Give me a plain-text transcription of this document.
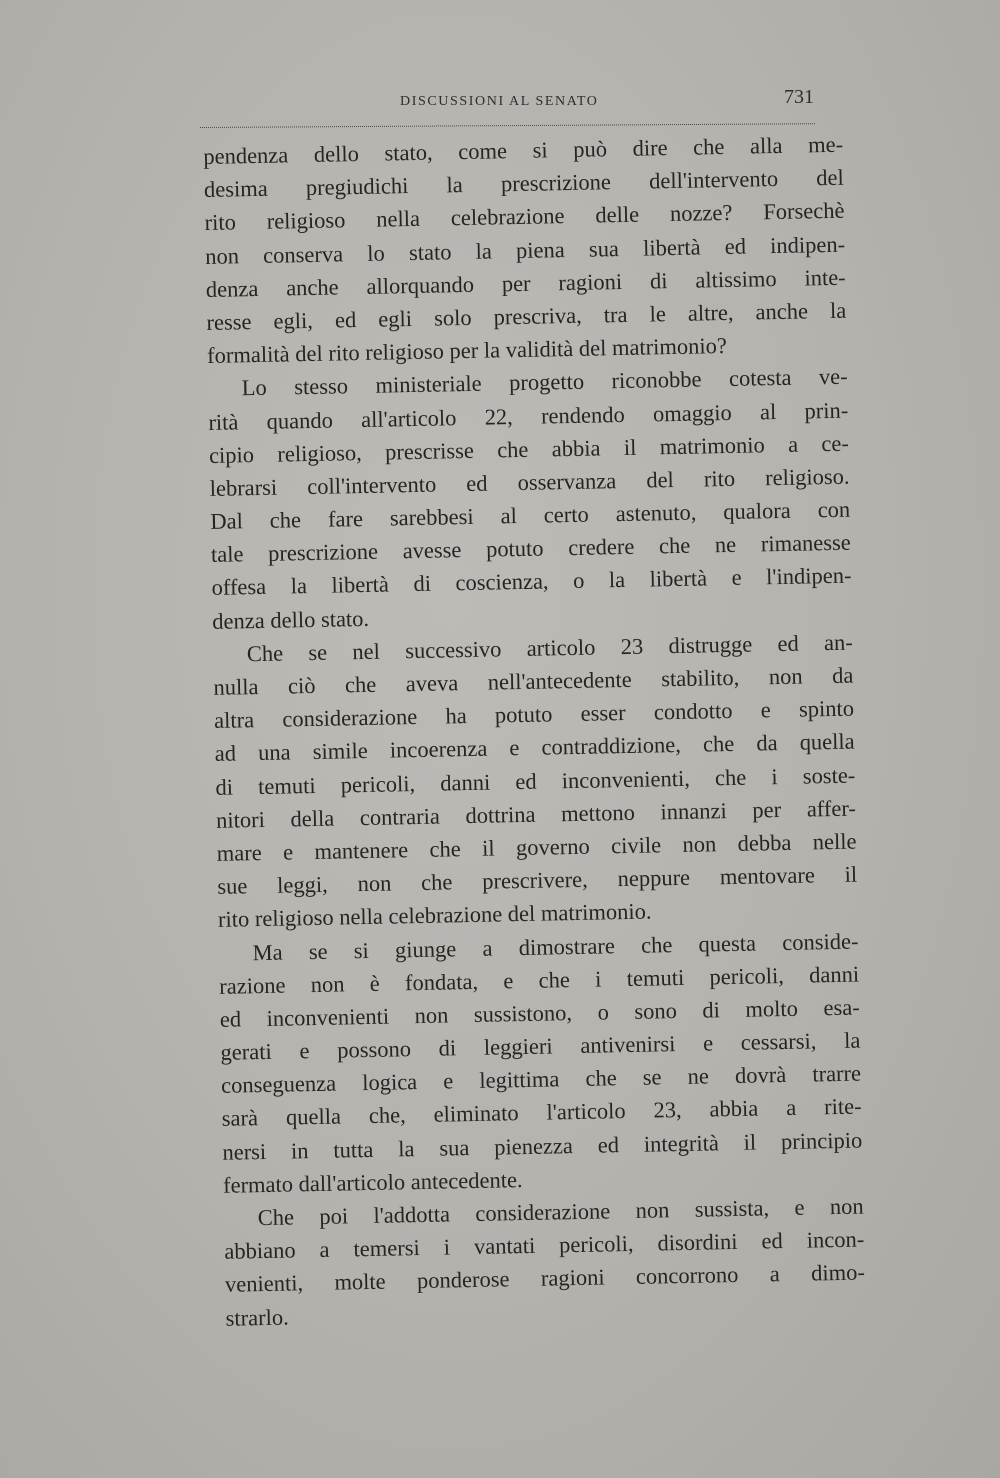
DISCUSSIONI AL SENATO	731
pendenza dello stato, come si può dire che alla me-
desima pregiudichi la prescrizione dell'intervento del
rito religioso nella celebrazione delle nozze? Forsechè
non conserva lo stato la piena sua libertà ed indipen-
denza anche allorquando per ragioni di altissimo inte-
resse egli, ed egli solo prescriva, tra le altre, anche la
formalità del rito religioso per la validità del matrimonio?
Lo stesso ministeriale progetto riconobbe cotesta ve-
rità quando all'articolo 22, rendendo omaggio al prin-
cipio religioso, prescrisse che abbia il matrimonio a ce-
lebrarsi coll'intervento ed osservanza del rito religioso.
Dal che fare sarebbesi al certo astenuto, qualora con
tale prescrizione avesse potuto credere che ne rimanesse
offesa la libertà di coscienza, o la libertà e l'indipen-
denza dello stato.
Che se nel successivo articolo 23 distrugge ed an-
nulla ciò che aveva nell'antecedente stabilito, non da
altra considerazione ha potuto esser condotto e spinto
ad una simile incoerenza e contraddizione, che da quella
di temuti pericoli, danni ed inconvenienti, che i soste-
nitori della contraria dottrina mettono innanzi per affer-
mare e mantenere che il governo civile non debba nelle
sue leggi, non che prescrivere, neppure mentovare il
rito religioso nella celebrazione del matrimonio.
Ma se si giunge a dimostrare che questa conside-
razione non è fondata, e che i temuti pericoli, danni
ed inconvenienti non sussistono, o sono di molto esa-
gerati e possono di leggieri antivenirsi e cessarsi, la
conseguenza logica e legittima che se ne dovrà trarre
sarà quella che, eliminato l'articolo 23, abbia a rite-
nersi in tutta la sua pienezza ed integrità il principio
fermato dall'articolo antecedente.
Che poi l'addotta considerazione non sussista, e non
abbiano a temersi i vantati pericoli, disordini ed incon-
venienti, molte ponderose ragioni concorrono a dimo-
strarlo.
